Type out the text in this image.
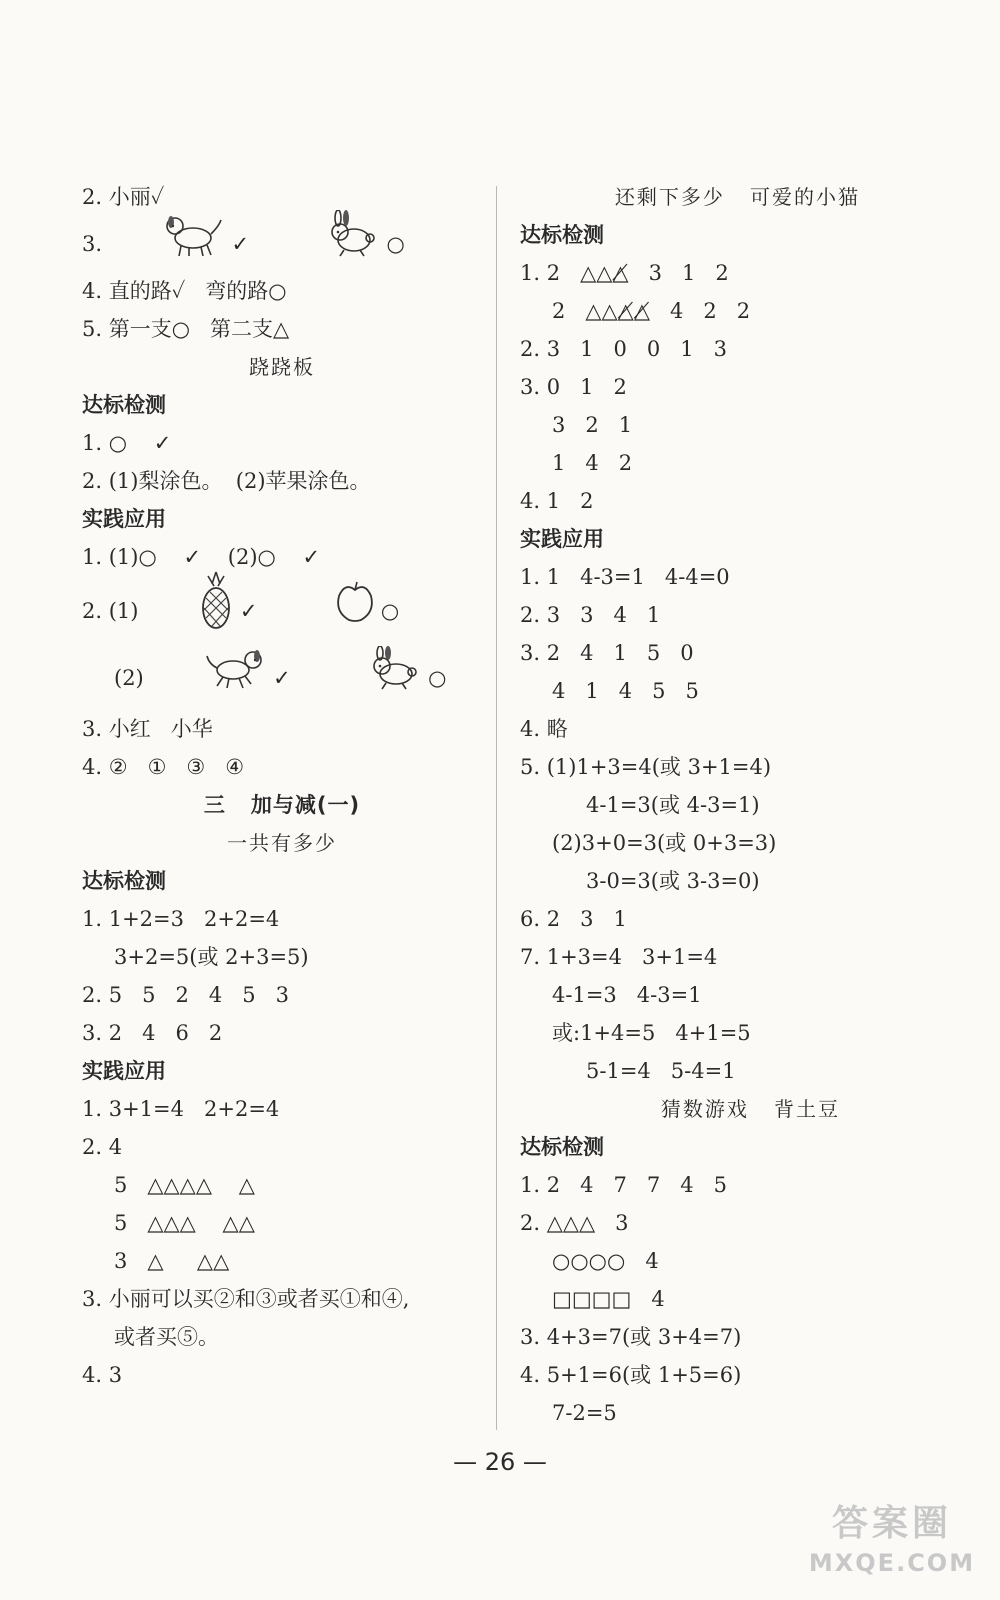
2. 小丽✓
3.

	✓

	○
4. 直的路✓   弯的路○
5. 第一支○   第二支△
跷跷板
达标检测
1. ○    ✓
2. (1)梨涂色。  (2)苹果涂色。
实践应用
1. (1)○    ✓    (2)○    ✓
2. (1)

	✓

	○
(2)

	✓

	○
3. 小红   小华
4. ②   ①   ③   ④
三   加与减(一)
一共有多少
达标检测
1. 1+2=3   2+2=4
3+2=5(或 2+3=5)
2. 5   5   2   4   5   3
3. 2   4   6   2
实践应用
1. 3+1=4   2+2=4
2. 4
5   △△△△    △
5   △△△    △△
3   △     △△
3. 小丽可以买②和③或者买①和④,
或者买⑤。
4. 3
还剩下多少   可爱的小猫
达标检测
1. 2   △△△̸   3   1   2
2   △△△̸△̸   4   2   2
2. 3   1   0   0   1   3
3. 0   1   2
3   2   1
1   4   2
4. 1   2
实践应用
1. 1   4-3=1   4-4=0
2. 3   3   4   1
3. 2   4   1   5   0
4   1   4   5   5
4. 略
5. (1)1+3=4(或 3+1=4)
4-1=3(或 4-3=1)
(2)3+0=3(或 0+3=3)
3-0=3(或 3-3=0)
6. 2   3   1
7. 1+3=4   3+1=4
4-1=3   4-3=1
或:1+4=5   4+1=5
5-1=4   5-4=1
猜数游戏   背土豆
达标检测
1. 2   4   7   7   4   5
2. △△△   3
○○○○   4
□□□□   4
3. 4+3=7(或 3+4=7)
4. 5+1=6(或 1+5=6)
7-2=5
— 26 —
答案圈
MXQE.COM
